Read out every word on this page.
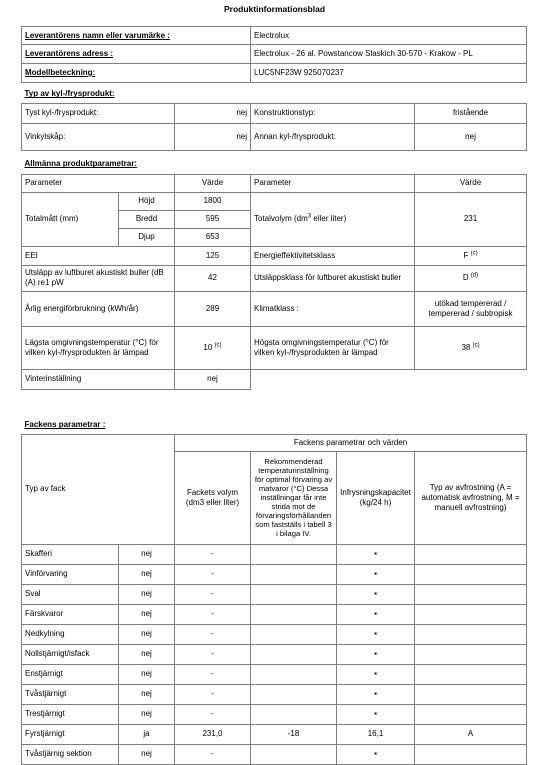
Produktinformationsblad
Leverantörens namn eller varumärke :	Electrolux
Leverantörens adress :	Electrolux - 26 al. Powstancow Slaskich 30-570 - Krakow - PL
Modellbeteckning:	LUC5NF23W 925070237
Typ av kyl-/frysprodukt:			
Tyst kyl-/frysprodukt:	nej	Konstruktionstyp:	fristående
Vinkylskåp:	nej	Annan kyl-/frysprodukt:	nej
Allmänna produktparametrar:				
Parameter		Värde	Parameter	Värde
Totalmått (mm)	Höjd	1800	Totalvolym ($dm^3$ eller liter)	231
	Bredd	595		
	Djup	653		
EEI		125	Energieffektivitetsklass	F $^{(c)}$
Utsläpp av luftburet akustiskt buller (dB (A) re1 pW		42	Utsläppsklass för luftburet akustiskt buller	D $^{(d)}$
Årlig energiförbrukning (kWh/år)		289	Klimatklass :	utökad tempererad / tempererad / subtropisk
Lägsta omgivningstemperatur (°C) för vilken kyl-/frysprodukten är lämpad		10 $^{(c)}$	Högsta omgivningstemperatur (°C) för vilken kyl-/frysprodukten är lämpad	38 $^{(c)}$
Vinterinställning		nej		
Fackens parametrar :					
Typ av fack		Fackens parametrar och värden			
		Fackets volym (dm3 eller liter)	Rekommenderad temperaturinställning för optimal förvaring av matvaror (°C) Dessa inställningar får inte strida mot de förvaringsförhållanden som fastställs i tabell 3 i bilaga IV.	Infrysningskapacitet (kg/24 h)	Typ av avfrostning (A = automatisk avfrostning, M = manuell avfrostning)
Skafferi	nej	-		▪	
Vinförvaring	nej	-		▪	
Sval	nej	-		▪	
Färskvaror	nej	-		▪	
Nedkylning	nej	-		▪	
Nollstjärnigt/isfack	nej	-		▪	
Enstjärnigt	nej	-		▪	
Tvåstjärnigt	nej	-		▪	
Trestjärnigt	nej	-		▪	
Fyrstjärnigt	ja	231,0	-18	16,1	A
Tvåstjärnig sektion	nej	-		▪	
